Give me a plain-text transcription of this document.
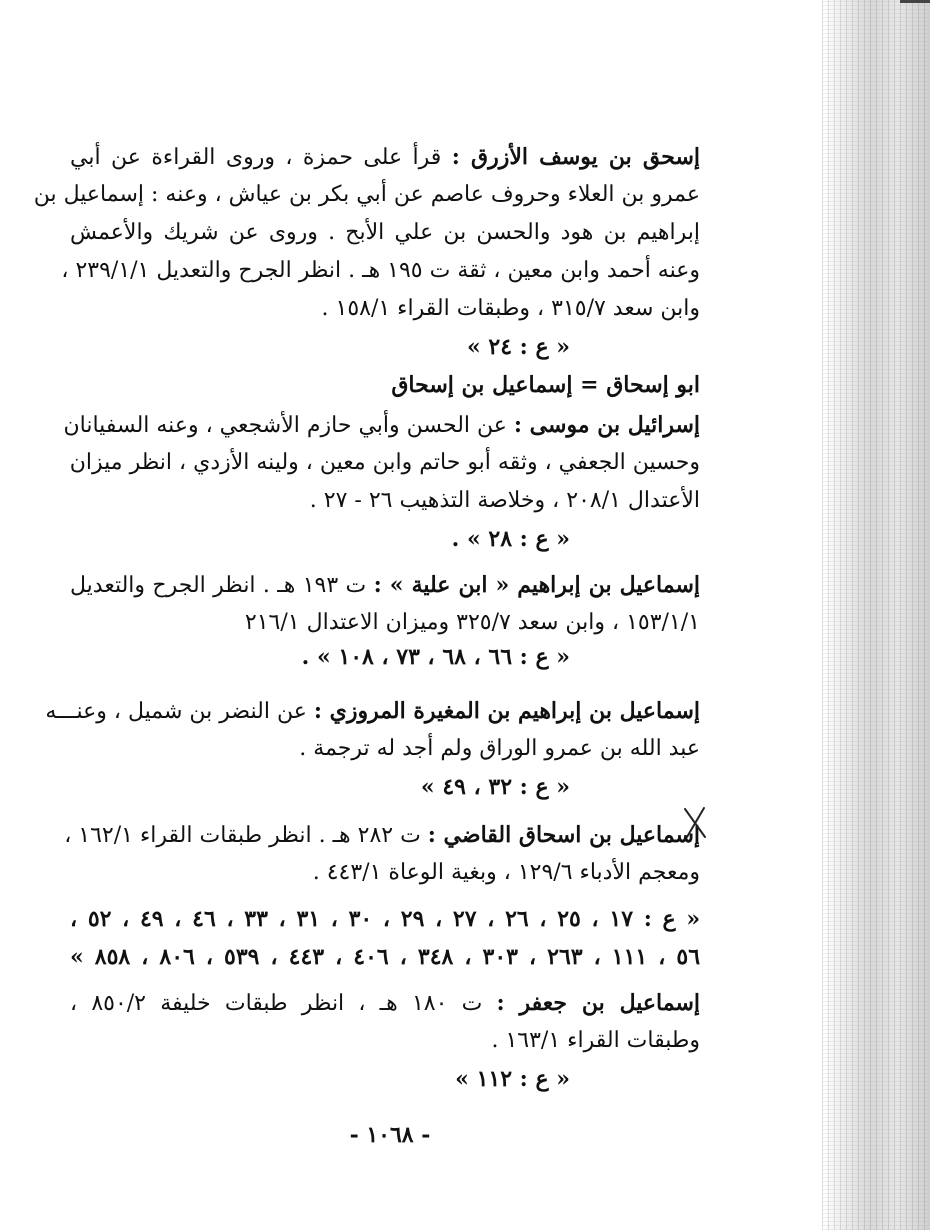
إسحق بن يوسف الأزرق : قرأ على حمزة ، وروى القراءة عن أبي
عمرو بن العلاء وحروف عاصم عن أبي بكر بن عياش ، وعنه : إسماعيل بن
إبراهيم بن هود والحسن بن علي الأبح . وروى عن شريك والأعمش
وعنه أحمد وابن معين ، ثقة ت ١٩٥ هـ . انظر الجرح والتعديل ٢٣٩/١/١ ،
وابن سعد ٣١٥/٧ ، وطبقات القراء ١٥٨/١ .
« ع : ٢٤ »
ابو إسحاق = إسماعيل بن إسحاق
إسرائيل بن موسى : عن الحسن وأبي حازم الأشجعي ، وعنه السفيانان
وحسين الجعفي ، وثقه أبو حاتم وابن معين ، ولينه الأزدي ، انظر ميزان
الأعتدال ٢٠٨/١ ، وخلاصة التذهيب ٢٦ - ٢٧ .
« ع : ٢٨ » .
إسماعيل بن إبراهيم « ابن علية » : ت ١٩٣ هـ . انظر الجرح والتعديل
١٥٣/١/١ ، وابن سعد ٣٢٥/٧ وميزان الاعتدال ٢١٦/١
« ع : ٦٦ ، ٦٨ ، ٧٣ ، ١٠٨ » .
إسماعيل بن إبراهيم بن المغيرة المروزي : عن النضر بن شميل ، وعنـــه
عبد الله بن عمرو الوراق ولم أجد له ترجمة .
« ع : ٣٢ ، ٤٩ »
إسماعيل بن اسحاق القاضي : ت ٢٨٢ هـ . انظر طبقات القراء ١٦٢/١ ،
ومعجم الأدباء ١٢٩/٦ ، وبغية الوعاة ٤٤٣/١ .
« ع : ١٧ ، ٢٥ ، ٢٦ ، ٢٧ ، ٢٩ ، ٣٠ ، ٣١ ، ٣٣ ، ٤٦ ، ٤٩ ، ٥٢ ،
٥٦ ، ١١١ ، ٢٦٣ ، ٣٠٣ ، ٣٤٨ ، ٤٠٦ ، ٤٤٣ ، ٥٣٩ ، ٨٠٦ ، ٨٥٨ »
إسماعيل بن جعفر : ت ١٨٠ هـ ، انظر طبقات خليفة ٨٥٠/٢ ،
وطبقات القراء ١٦٣/١ .
« ع : ١١٢ »
- ١٠٦٨ -
